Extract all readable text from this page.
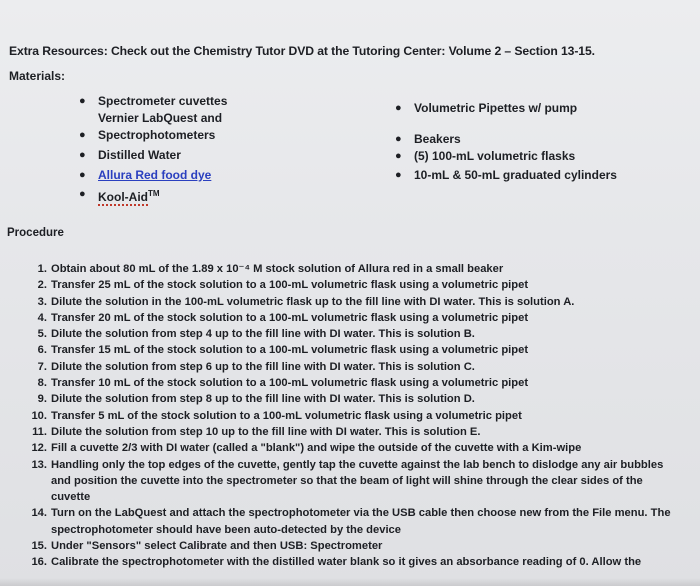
Extra Resources: Check out the Chemistry Tutor DVD at the Tutoring Center: Volume 2 – Section 13-15.
Materials:
● Spectrometer cuvettes
Vernier LabQuest and
● Spectrophotometers
● Distilled Water
● Allura Red food dye
● Kool-Aid™
● Volumetric Pipettes w/ pump
● Beakers
● (5) 100-mL volumetric flasks
● 10-mL & 50-mL graduated cylinders
Procedure
1. Obtain about 80 mL of the 1.89 x 10⁻⁴ M stock solution of Allura red in a small beaker
2. Transfer 25 mL of the stock solution to a 100-mL volumetric flask using a volumetric pipet
3. Dilute the solution in the 100-mL volumetric flask up to the fill line with DI water. This is solution A.
4. Transfer 20 mL of the stock solution to a 100-mL volumetric flask using a volumetric pipet
5. Dilute the solution from step 4 up to the fill line with DI water. This is solution B.
6. Transfer 15 mL of the stock solution to a 100-mL volumetric flask using a volumetric pipet
7. Dilute the solution from step 6 up to the fill line with DI water. This is solution C.
8. Transfer 10 mL of the stock solution to a 100-mL volumetric flask using a volumetric pipet
9. Dilute the solution from step 8 up to the fill line with DI water. This is solution D.
10. Transfer 5 mL of the stock solution to a 100-mL volumetric flask using a volumetric pipet
11. Dilute the solution from step 10 up to the fill line with DI water. This is solution E.
12. Fill a cuvette 2/3 with DI water (called a "blank") and wipe the outside of the cuvette with a Kim-wipe
13. Handling only the top edges of the cuvette, gently tap the cuvette against the lab bench to dislodge any air bubbles and position the cuvette into the spectrometer so that the beam of light will shine through the clear sides of the cuvette
14. Turn on the LabQuest and attach the spectrophotometer via the USB cable then choose new from the File menu. The spectrophotometer should have been auto-detected by the device
15. Under "Sensors" select Calibrate and then USB: Spectrometer
16. Calibrate the spectrophotometer with the distilled water blank so it gives an absorbance reading of 0. Allow the
